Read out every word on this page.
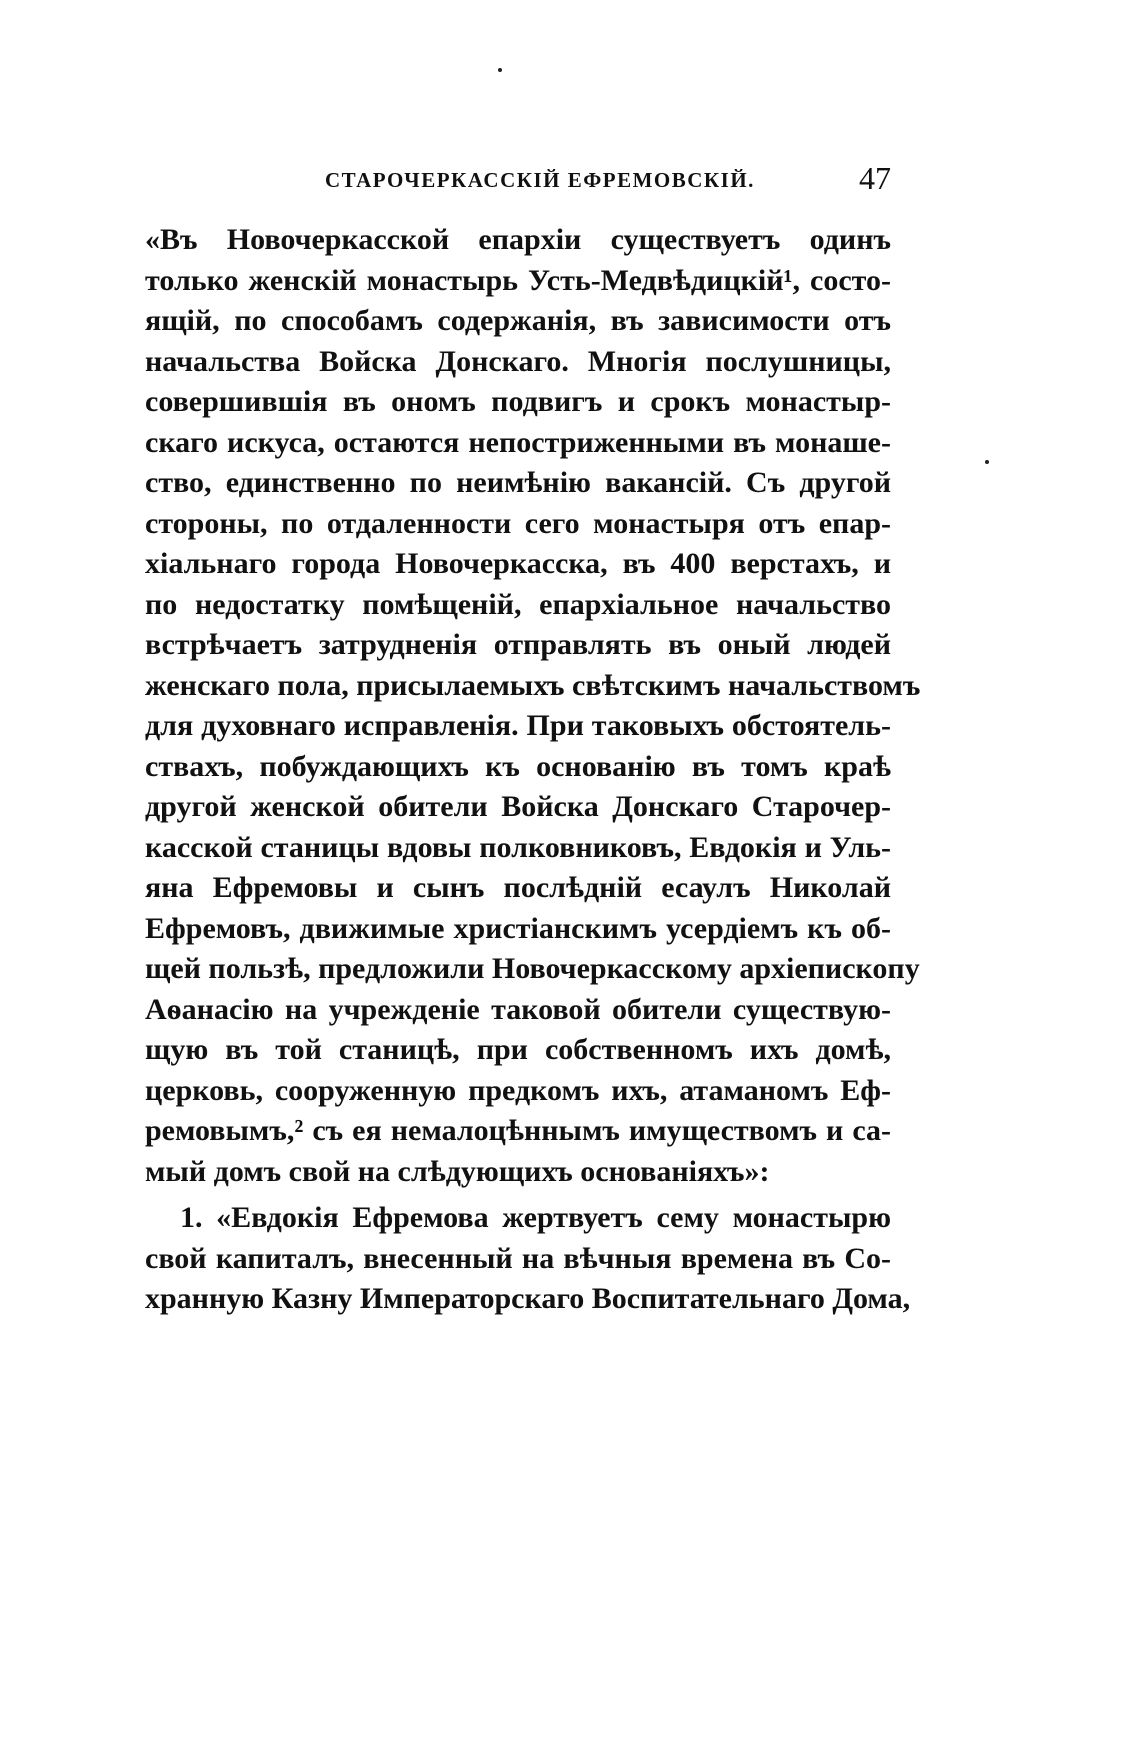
СТАРОЧЕРКАССКІЙ ЕФРЕМОВСКІЙ.	47
«Въ Новочеркасской епархіи существуетъ одинъ
только женскій монастырь Усть-Медвѣдицкій¹, состо-
ящій, по способамъ содержанія, въ зависимости отъ
начальства Войска Донскаго. Многія послушницы,
совершившія въ ономъ подвигъ и срокъ монастыр-
скаго искуса, остаются непостриженными въ монаше-
ство, единственно по неимѣнію вакансій. Съ другой
стороны, по отдаленности сего монастыря отъ епар-
хіальнаго города Новочеркасска, въ 400 верстахъ, и
по недостатку помѣщеній, епархіальное начальство
встрѣчаетъ затрудненія отправлять въ оный людей
женскаго пола, присылаемыхъ свѣтскимъ начальствомъ
для духовнаго исправленія. При таковыхъ обстоятель-
ствахъ, побуждающихъ къ основанію въ томъ краѣ
другой женской обители Войска Донскаго Старочер-
касской станицы вдовы полковниковъ, Евдокія и Уль-
яна Ефремовы и сынъ послѣдній есаулъ Николай
Ефремовъ, движимые христіанскимъ усердіемъ къ об-
щей пользѣ, предложили Новочеркасскому архіепископу
Аѳанасію на учрежденіе таковой обители существую-
щую въ той станицѣ, при собственномъ ихъ домѣ,
церковь, сооруженную предкомъ ихъ, атаманомъ Еф-
ремовымъ,² съ ея немалоцѣннымъ имуществомъ и са-
мый домъ свой на слѣдующихъ основаніяхъ»:
1. «Евдокія Ефремова жертвуетъ сему монастырю
свой капиталъ, внесенный на вѣчныя времена въ Со-
хранную Казну Императорскаго Воспитательнаго Дома,
